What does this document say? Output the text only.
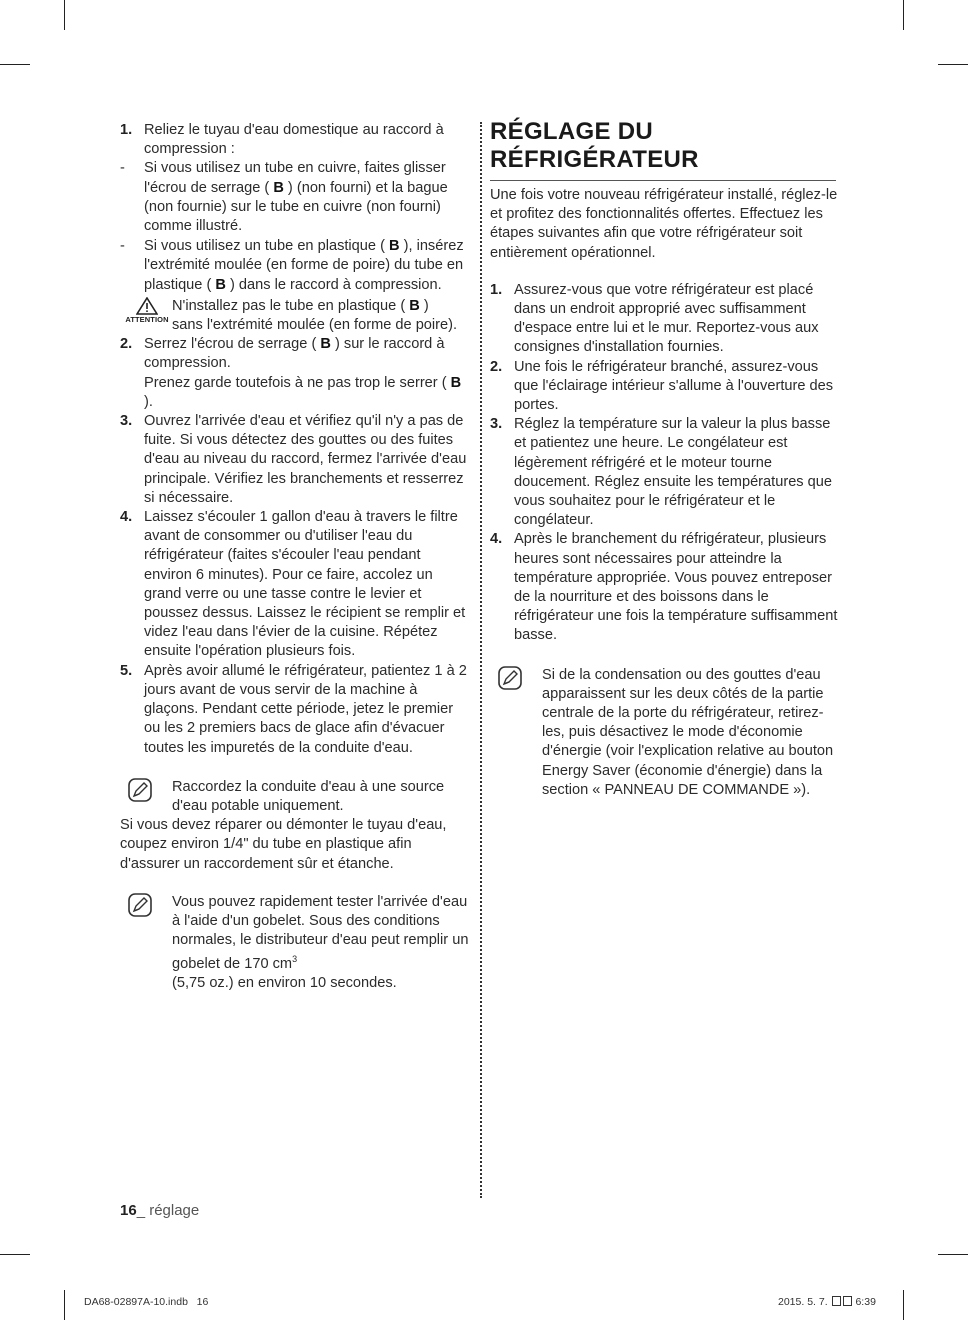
1. Reliez le tuyau d'eau domestique au raccord à compression :

- Si vous utilisez un tube en cuivre, faites glisser l'écrou de serrage ( B ) (non fourni) et la bague (non fournie) sur le tube en cuivre (non fourni) comme illustré.

- Si vous utilisez un tube en plastique ( B ), insérez l'extrémité moulée (en forme de poire) du tube en plastique ( B ) dans le raccord à compression.

ATTENTION

N'installez pas le tube en plastique ( B ) sans l'extrémité moulée (en forme de poire).

2. Serrez l'écrou de serrage ( B ) sur le raccord à compression.

Prenez garde toutefois à ne pas trop le serrer ( B ).

3. Ouvrez l'arrivée d'eau et vérifiez qu'il n'y a pas de fuite. Si vous détectez des gouttes ou des fuites d'eau au niveau du raccord, fermez l'arrivée d'eau principale. Vérifiez les branchements et resserrez si nécessaire.

4. Laissez s'écouler 1 gallon d'eau à travers le filtre avant de consommer ou d'utiliser l'eau du réfrigérateur (faites s'écouler l'eau pendant environ 6 minutes). Pour ce faire, accolez un grand verre ou une tasse contre le levier et poussez dessus. Laissez le récipient se remplir et videz l'eau dans l'évier de la cuisine. Répétez ensuite l'opération plusieurs fois.

5. Après avoir allumé le réfrigérateur, patientez 1 à 2 jours avant de vous servir de la machine à glaçons. Pendant cette période, jetez le premier ou les 2 premiers bacs de glace afin d'évacuer toutes les impuretés de la conduite d'eau.

Raccordez la conduite d'eau à une source d'eau potable uniquement.

Si vous devez réparer ou démonter le tuyau d'eau, coupez environ 1/4" du tube en plastique afin d'assurer un raccordement sûr et étanche.

Vous pouvez rapidement tester l'arrivée d'eau à l'aide d'un gobelet. Sous des conditions normales, le distributeur d'eau peut remplir un gobelet de 170 $cm^3$
(5,75 oz.) en environ 10 secondes.

RÉGLAGE DU
RÉFRIGÉRATEUR

Une fois votre nouveau réfrigérateur installé, réglez-le et profitez des fonctionnalités offertes. Effectuez les étapes suivantes afin que votre réfrigérateur soit entièrement opérationnel.

1. Assurez-vous que votre réfrigérateur est placé dans un endroit approprié avec suffisamment d'espace entre lui et le mur. Reportez-vous aux consignes d'installation fournies.

2. Une fois le réfrigérateur branché, assurez-vous que l'éclairage intérieur s'allume à l'ouverture des portes.

3. Réglez la température sur la valeur la plus basse et patientez une heure. Le congélateur est légèrement réfrigéré et le moteur tourne doucement. Réglez ensuite les températures que vous souhaitez pour le réfrigérateur et le congélateur.

4. Après le branchement du réfrigérateur, plusieurs heures sont nécessaires pour atteindre la température appropriée. Vous pouvez entreposer de la nourriture et des boissons dans le réfrigérateur une fois la température suffisamment basse.

Si de la condensation ou des gouttes d'eau apparaissent sur les deux côtés de la partie centrale de la porte du réfrigérateur, retirez-les, puis désactivez le mode d'économie d'énergie (voir l'explication relative au bouton Energy Saver (économie d'énergie) dans la section « PANNEAU DE COMMANDE »).

16_ réglage
DA68-02897A-10.indb   16	2015. 5. 7.	6:39
